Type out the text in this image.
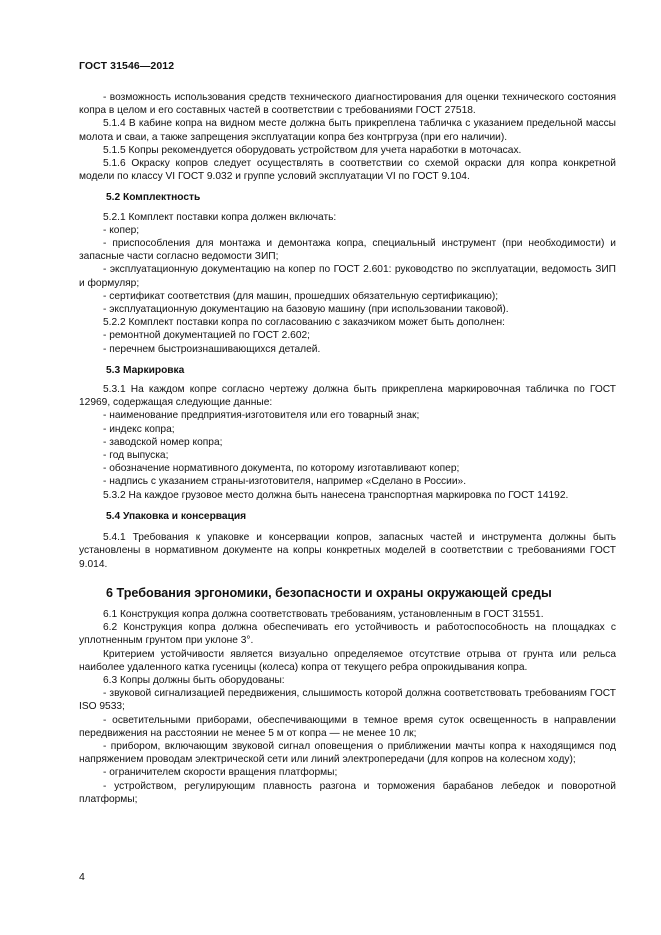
ГОСТ 31546—2012

- возможность использования средств технического диагностирования для оценки технического состояния копра в целом и его составных частей в соответствии с требованиями ГОСТ 27518.

5.1.4 В кабине копра на видном месте должна быть прикреплена табличка с указанием предельной массы молота и сваи, а также запрещения эксплуатации копра без контргруза (при его наличии).

5.1.5 Копры рекомендуется оборудовать устройством для учета наработки в моточасах.

5.1.6 Окраску копров следует осуществлять в соответствии со схемой окраски для копра конкретной модели по классу VI ГОСТ 9.032 и группе условий эксплуатации VI по ГОСТ 9.104.

5.2 Комплектность

5.2.1 Комплект поставки копра должен включать:

- копер;

- приспособления для монтажа и демонтажа копра, специальный инструмент (при необходимости) и запасные части согласно ведомости ЗИП;

- эксплуатационную документацию на копер по ГОСТ 2.601: руководство по эксплуатации, ведомость ЗИП и формуляр;

- сертификат соответствия (для машин, прошедших обязательную сертификацию);

- эксплуатационную документацию на базовую машину (при использовании таковой).

5.2.2 Комплект поставки копра по согласованию с заказчиком может быть дополнен:

- ремонтной документацией по ГОСТ 2.602;

- перечнем быстроизнашивающихся деталей.

5.3 Маркировка

5.3.1 На каждом копре согласно чертежу должна быть прикреплена маркировочная табличка по ГОСТ 12969, содержащая следующие данные:

- наименование предприятия-изготовителя или его товарный знак;

- индекс копра;

- заводской номер копра;

- год выпуска;

- обозначение нормативного документа, по которому изготавливают копер;

- надпись с указанием страны-изготовителя, например «Сделано в России».

5.3.2 На каждое грузовое место должна быть нанесена транспортная маркировка по ГОСТ 14192.

5.4 Упаковка и консервация

5.4.1 Требования к упаковке и консервации копров, запасных частей и инструмента должны быть установлены в нормативном документе на копры конкретных моделей в соответствии с требованиями ГОСТ 9.014.

6 Требования эргономики, безопасности и охраны окружающей среды

6.1 Конструкция копра должна соответствовать требованиям, установленным в ГОСТ 31551.

6.2 Конструкция копра должна обеспечивать его устойчивость и работоспособность на площадках с уплотненным грунтом при уклоне 3°.

Критерием устойчивости является визуально определяемое отсутствие отрыва от грунта или рельса наиболее удаленного катка гусеницы (колеса) копра от текущего ребра опрокидывания копра.

6.3 Копры должны быть оборудованы:

- звуковой сигнализацией передвижения, слышимость которой должна соответствовать требованиям ГОСТ ISO 9533;

- осветительными приборами, обеспечивающими в темное время суток освещенность в направлении передвижения на расстоянии не менее 5 м от копра — не менее 10 лк;

- прибором, включающим звуковой сигнал оповещения о приближении мачты копра к находящимся под напряжением проводам электрической сети или линий электропередачи (для копров на колесном ходу);

- ограничителем скорости вращения платформы;

- устройством, регулирующим плавность разгона и торможения барабанов лебедок и поворотной платформы;

4
